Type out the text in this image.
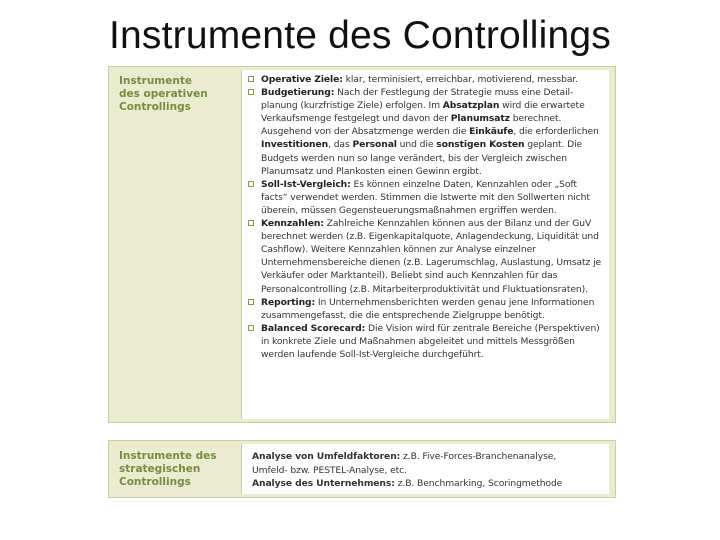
Instrumente des Controllings
Instrumente
des operativen
Controllings
Operative Ziele: klar, terminisiert, erreichbar, motivierend, messbar.
Budgetierung: Nach der Festlegung der Strategie muss eine Detailplanung (kurzfristige Ziele) erfolgen. Im Absatzplan wird die erwartete Verkaufsmenge festgelegt und davon der Planumsatz berechnet. Ausgehend von der Absatzmenge werden die Einkäufe, die erforderlichen Investitionen, das Personal und die sonstigen Kosten geplant. Die Budgets werden nun so lange verändert, bis der Vergleich zwischen Planumsatz und Plankosten einen Gewinn ergibt.
Soll-Ist-Vergleich: Es können einzelne Daten, Kennzahlen oder „Soft facts“ verwendet werden. Stimmen die Istwerte mit den Sollwerten nicht überein, müssen Gegensteuerungsmaßnahmen ergriffen werden.
Kennzahlen: Zahlreiche Kennzahlen können aus der Bilanz und der GuV berechnet werden (z.B. Eigenkapitalquote, Anlagendeckung, Liquidität und Cashflow). Weitere Kennzahlen können zur Analyse einzelner Unternehmensbereiche dienen (z.B. Lagerumschlag, Auslastung, Umsatz je Verkäufer oder Marktanteil). Beliebt sind auch Kennzahlen für das Personalcontrolling (z.B. Mitarbeiterproduktivität und Fluktuationsraten).
Reporting: In Unternehmensberichten werden genau jene Informationen zusammengefasst, die die entsprechende Zielgruppe benötigt.
Balanced Scorecard: Die Vision wird für zentrale Bereiche (Perspektiven) in konkrete Ziele und Maßnahmen abgeleitet und mittels Messgrößen werden laufende Soll-Ist-Vergleiche durchgeführt.
Instrumente des
strategischen
Controllings
Analyse von Umfeldfaktoren: z.B. Five-Forces-Branchenanalyse,
Umfeld- bzw. PESTEL-Analyse, etc.
Analyse des Unternehmens: z.B. Benchmarking, Scoringmethode
